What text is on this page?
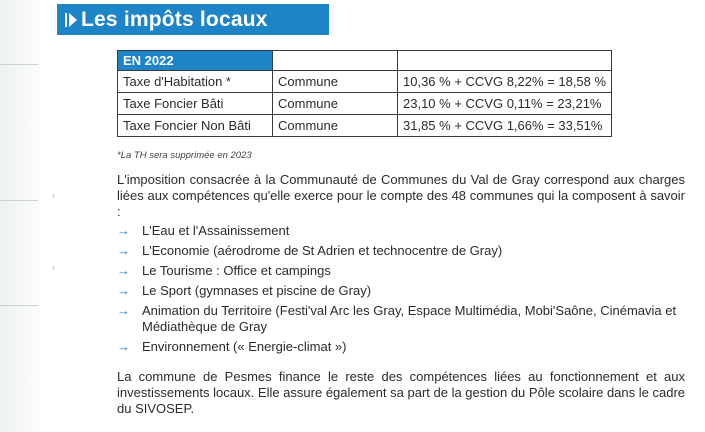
‹
‹
Les impôts locaux
EN 2022		
Taxe d'Habitation *	Commune	10,36 % + CCVG 8,22% = 18,58 %
Taxe Foncier Bâti	Commune	23,10 % + CCVG 0,11% = 23,21%
Taxe Foncier Non Bâti	Commune	31,85 % + CCVG 1,66% = 33,51%
*La TH sera supprimée en 2023
L'imposition consacrée à la Communauté de Communes du Val de Gray correspond aux charges liées aux compétences qu'elle exerce pour le compte des 48 communes qui la composent à savoir :
→ L'Eau et l'Assainissement
→ L'Economie (aérodrome de St Adrien et technocentre de Gray)
→ Le Tourisme : Office et campings
→ Le Sport (gymnases et piscine de Gray)
→ Animation du Territoire (Festi'val Arc les Gray, Espace Multimédia, Mobi'Saône, Cinémavia et Médiathèque de Gray
→ Environnement (« Energie-climat »)
La commune de Pesmes finance le reste des compétences liées au fonctionnement et aux investissements locaux. Elle assure également sa part de la gestion du Pôle scolaire dans le cadre du SIVOSEP.
